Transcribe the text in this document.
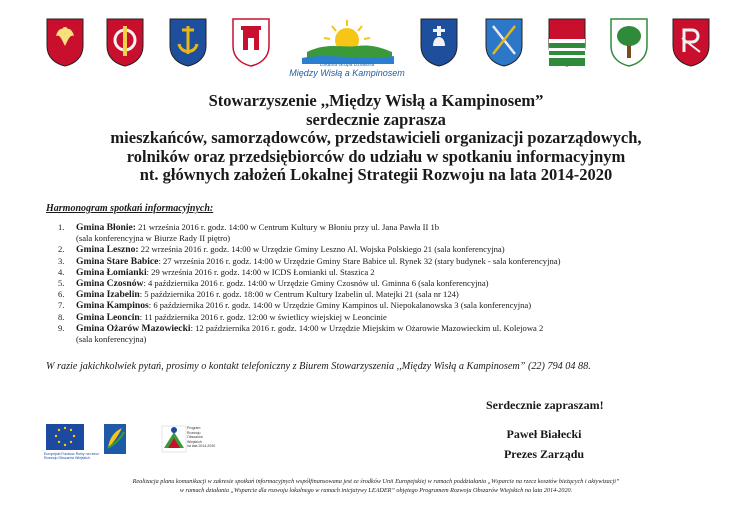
Lokalna Grupa Działania
Między Wisłą a Kampinosem
Stowarzyszenie ,,Między Wisłą a Kampinosem”
serdecznie zaprasza
mieszkańców, samorządowców, przedstawicieli organizacji pozarządowych,
rolników oraz przedsiębiorców do udziału w spotkaniu informacyjnym
nt. głównych założeń Lokalnej Strategii Rozwoju na lata 2014-2020
Harmonogram spotkań informacyjnych:
1. Gmina Błonie: 21 września 2016 r. godz. 14:00 w Centrum Kultury w Błoniu przy ul. Jana Pawła II 1b
(sala konferencyjna w Biurze Rady II piętro)
2. Gmina Leszno: 22 września 2016 r. godz. 14:00 w Urzędzie Gminy Leszno Al. Wojska Polskiego 21 (sala konferencyjna)
3. Gmina Stare Babice: 27 września 2016 r. godz. 14:00 w Urzędzie Gminy Stare Babice ul. Rynek 32 (stary budynek - sala konferencyjna)
4. Gmina Łomianki: 29 września 2016 r. godz. 14:00 w ICDS Łomianki ul. Staszica 2
5. Gmina Czosnów: 4 października 2016 r. godz. 14:00 w Urzędzie Gminy Czosnów ul. Gminna 6 (sala konferencyjna)
6. Gmina Izabelin: 5 października 2016 r. godz. 18:00 w Centrum Kultury Izabelin ul. Matejki 21 (sala nr 124)
7. Gmina Kampinos: 6 października 2016 r. godz. 14:00 w Urzędzie Gminy Kampinos ul. Niepokalanowska 3 (sala konferencyjna)
8. Gmina Leoncin: 11 października 2016 r. godz. 12:00 w świetlicy wiejskiej w Leoncinie
9. Gmina Ożarów Mazowiecki: 12 października 2016 r. godz. 14:00 w Urzędzie Miejskim w Ożarowie Mazowieckim ul. Kolejowa 2
(sala konferencyjna)
W razie jakichkolwiek pytań, prosimy o kontakt telefoniczny z Biurem Stowarzyszenia ,,Między Wisłą a Kampinosem” (22) 794 04 88.
Europejski Fundusz Rolny na rzecz
Rozwoju Obszarów Wiejskich
Program
Rozwoju
Obszarów
Wiejskich
na lata 2014-2020
Serdecznie zapraszam!
Paweł Białecki
Prezes Zarządu
Realizacja planu komunikacji w zakresie spotkań informacyjnych współfinansowana jest ze środków Unii Europejskiej w ramach poddziałania „Wsparcie na rzecz kosztów bieżących i aktywizacji”
w ramach działania „Wsparcie dla rozwoju lokalnego w ramach inicjatywy LEADER” objętego Programem Rozwoju Obszarów Wiejskich na lata 2014-2020.
